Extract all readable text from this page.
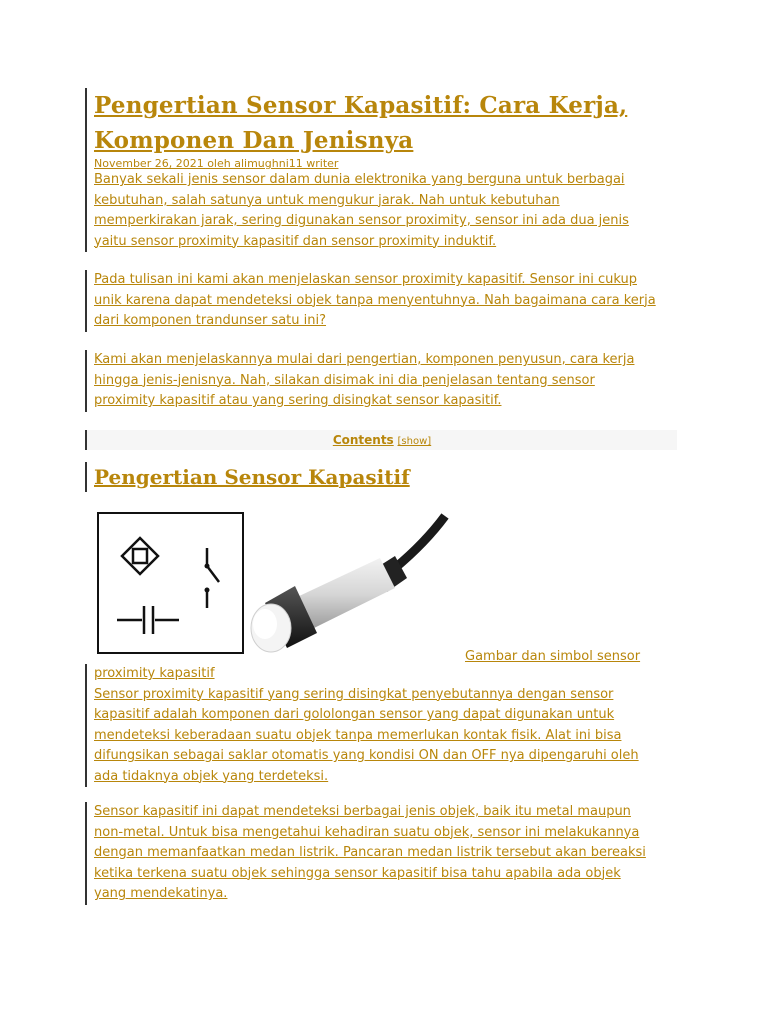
Pengertian Sensor Kapasitif: Cara Kerja,
Komponen Dan Jenisnya
November 26, 2021 oleh alimughni11 writer

Banyak sekali jenis sensor dalam dunia elektronika yang berguna untuk berbagai
kebutuhan, salah satunya untuk mengukur jarak. Nah untuk kebutuhan
memperkirakan jarak, sering digunakan sensor proximity, sensor ini ada dua jenis
yaitu sensor proximity kapasitif dan sensor proximity induktif.

Pada tulisan ini kami akan menjelaskan sensor proximity kapasitif. Sensor ini cukup
unik karena dapat mendeteksi objek tanpa menyentuhnya. Nah bagaimana cara kerja
dari komponen trandunser satu ini?

Kami akan menjelaskannya mulai dari pengertian, komponen penyusun, cara kerja
hingga jenis-jenisnya. Nah, silakan disimak ini dia penjelasan tentang sensor
proximity kapasitif atau yang sering disingkat sensor kapasitif.

Contents [show]
Pengertian Sensor Kapasitif
Gambar dan simbol sensor

proximity kapasitif

Sensor proximity kapasitif yang sering disingkat penyebutannya dengan sensor
kapasitif adalah komponen dari gololongan sensor yang dapat digunakan untuk
mendeteksi keberadaan suatu objek tanpa memerlukan kontak fisik. Alat ini bisa
difungsikan sebagai saklar otomatis yang kondisi ON dan OFF nya dipengaruhi oleh
ada tidaknya objek yang terdeteksi.

Sensor kapasitif ini dapat mendeteksi berbagai jenis objek, baik itu metal maupun
non-metal. Untuk bisa mengetahui kehadiran suatu objek, sensor ini melakukannya
dengan memanfaatkan medan listrik. Pancaran medan listrik tersebut akan bereaksi
ketika terkena suatu objek sehingga sensor kapasitif bisa tahu apabila ada objek
yang mendekatinya.
